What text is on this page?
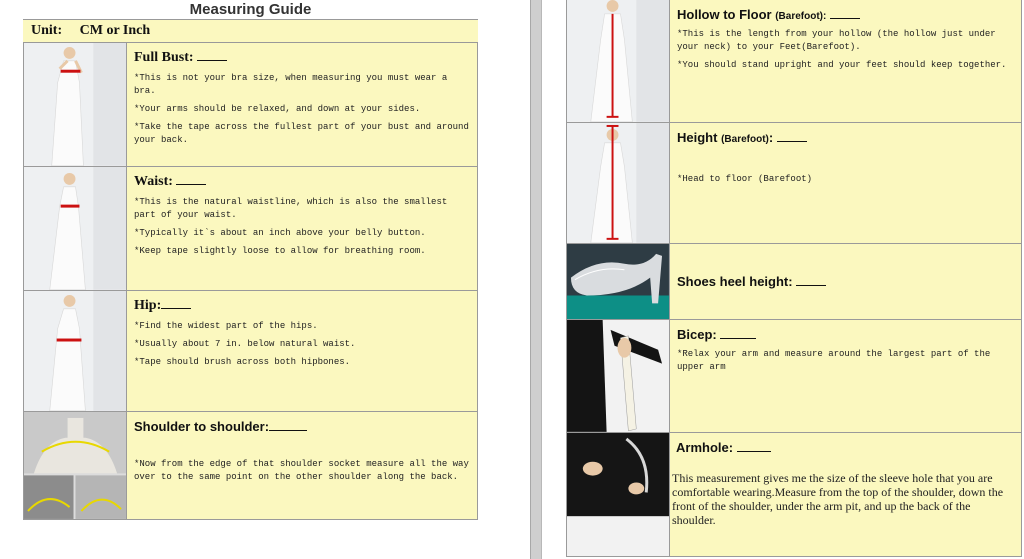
Measuring Guide
Unit: CM or Inch
Full Bust:
*This is not your bra size, when measuring you must wear a bra.
*Your arms should be relaxed, and down at your sides.
*Take the tape across the fullest part of your bust and around your back.
Waist:
*This is the natural waistline, which is also the smallest part of your waist.
*Typically it`s about an inch above your belly button.
*Keep tape slightly loose to allow for breathing room.
Hip:
*Find the widest part of the hips.
*Usually about 7 in. below natural waist.
*Tape should brush across both hipbones.
Shoulder to shoulder:
*Now from the edge of that shoulder socket measure all the way over to the same point on the other shoulder along the back.
Hollow to Floor (Barefoot):
*This is the length from your hollow (the hollow just under your neck) to your Feet(Barefoot).
*You should stand upright and your feet should keep together.
Height (Barefoot):
*Head to floor (Barefoot)
Shoes heel height:
Bicep:
*Relax your arm and measure around the largest part of the upper arm
Armhole:
This measurement gives me the size of the sleeve hole that you are comfortable wearing.Measure from the top of the shoulder, down the front of the shoulder, under the arm pit, and up the back of the shoulder.
